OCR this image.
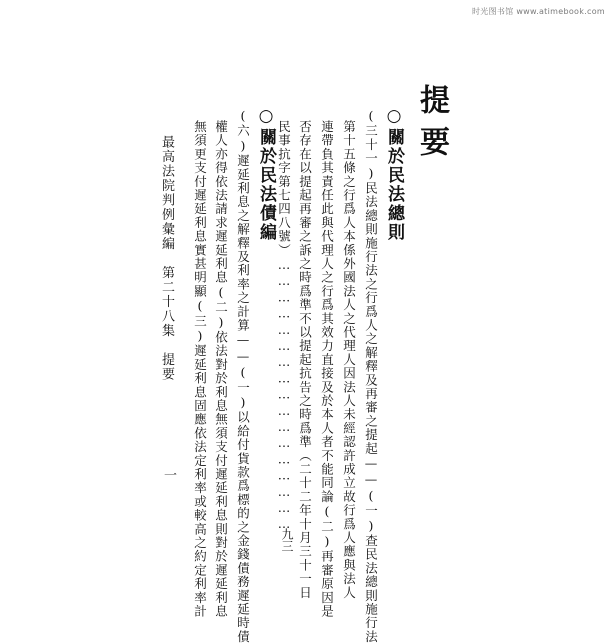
时光图书馆 www.atimebook.com
提要
○關於民法總則
(三十一)民法總則施行法之行爲人之解釋及再審之提起——(一)查民法總則施行法
第十五條之行爲人本係外國法人之代理人因法人未經認許成立故行爲人應與法人
連帶負其責任此與代理人之行爲其效力直接及於本人者不能同論(二)再審原因是
否存在以提起再審之訴之時爲準不以提起抗告之時爲準（二十二年十月三十一日
民事抗字第七四八號）……………………………………………
九三
○關於民法債編
(六)遲延利息之解釋及利率之計算——(一)以給付貨款爲標的之金錢債務遲延時債
權人亦得依法請求遲延利息(二)依法對於利息無須支付遲延利息則對於遲延利息
無須更支付遲延利息實甚明顯(三)遲延利息固應依法定利率或較高之約定利率計
最高法院判例彙編　第二十八集　提要
一
